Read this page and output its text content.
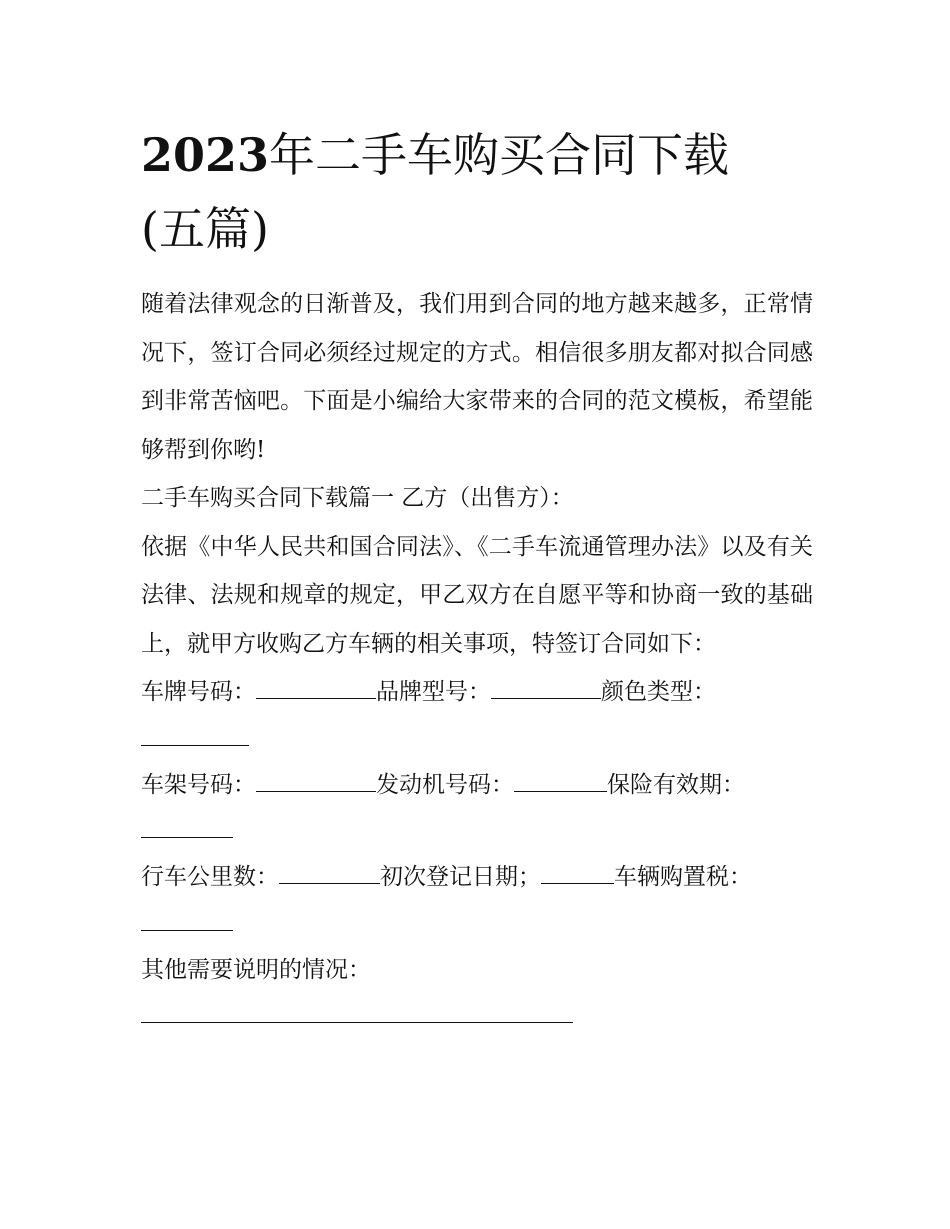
2023年二手车购买合同下载
(五篇)

随着法律观念的日渐普及，我们用到合同的地方越来越多，正常情况下，签订合同必须经过规定的方式。相信很多朋友都对拟合同感到非常苦恼吧。下面是小编给大家带来的合同的范文模板，希望能够帮到你哟!

二手车购买合同下载篇一 乙方（出售方）：

依据《中华人民共和国合同法》、《二手车流通管理办法》以及有关法律、法规和规章的规定，甲乙双方在自愿平等和协商一致的基础上，就甲方收购乙方车辆的相关事项，特签订合同如下：

车牌号码：	品牌型号：	颜色类型：
车架号码：	发动机号码：	保险有效期：
行车公里数：	初次登记日期；	车辆购置税：
其他需要说明的情况：
